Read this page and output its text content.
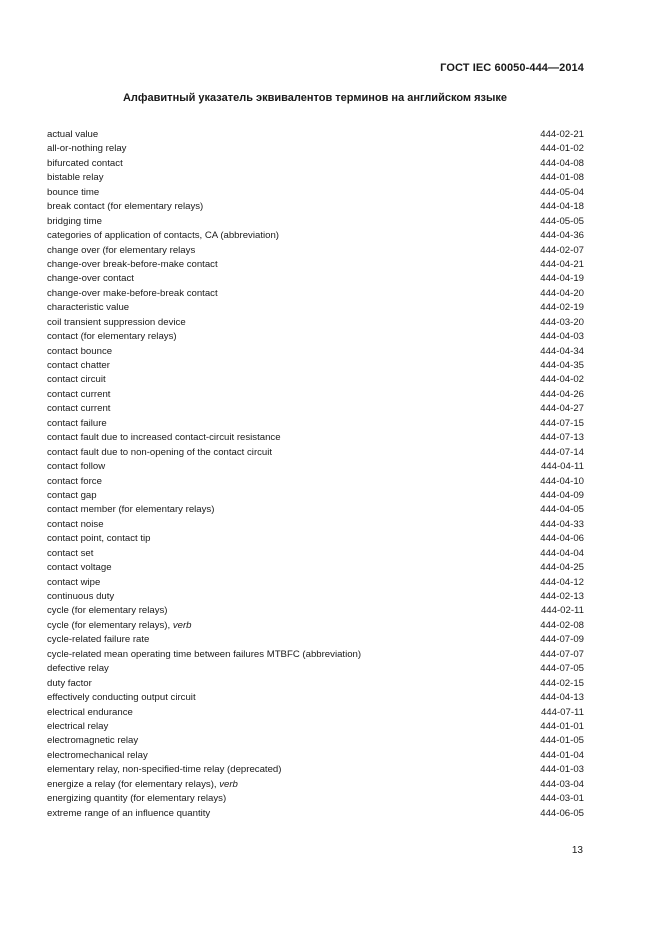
ГОСТ IEC 60050-444—2014
Алфавитный указатель эквивалентов терминов на английском языке
actual value	444-02-21
all-or-nothing relay	444-01-02
bifurcated contact	444-04-08
bistable relay	444-01-08
bounce time	444-05-04
break contact (for elementary relays)	444-04-18
bridging time	444-05-05
categories of application of contacts, CA (abbreviation)	444-04-36
change over (for elementary relays	444-02-07
change-over break-before-make contact	444-04-21
change-over contact	444-04-19
change-over make-before-break contact	444-04-20
characteristic value	444-02-19
coil transient suppression device	444-03-20
contact (for elementary relays)	444-04-03
contact bounce	444-04-34
contact chatter	444-04-35
contact circuit	444-04-02
contact current	444-04-26
contact current	444-04-27
contact failure	444-07-15
contact fault due to increased contact-circuit resistance	444-07-13
contact fault due to non-opening of the contact circuit	444-07-14
contact follow	444-04-11
contact force	444-04-10
contact gap	444-04-09
contact member (for elementary relays)	444-04-05
contact noise	444-04-33
contact point, contact tip	444-04-06
contact set	444-04-04
contact voltage	444-04-25
contact wipe	444-04-12
continuous duty	444-02-13
cycle (for elementary relays)	444-02-11
cycle (for elementary relays), verb	444-02-08
cycle-related failure rate	444-07-09
cycle-related mean operating time between failures MTBFC (abbreviation)	444-07-07
defective relay	444-07-05
duty factor	444-02-15
effectively conducting output circuit	444-04-13
electrical endurance	444-07-11
electrical relay	444-01-01
electromagnetic relay	444-01-05
electromechanical relay	444-01-04
elementary relay, non-specified-time relay (deprecated)	444-01-03
energize a relay (for elementary relays), verb	444-03-04
energizing quantity (for elementary relays)	444-03-01
extreme range of an influence quantity	444-06-05
13
